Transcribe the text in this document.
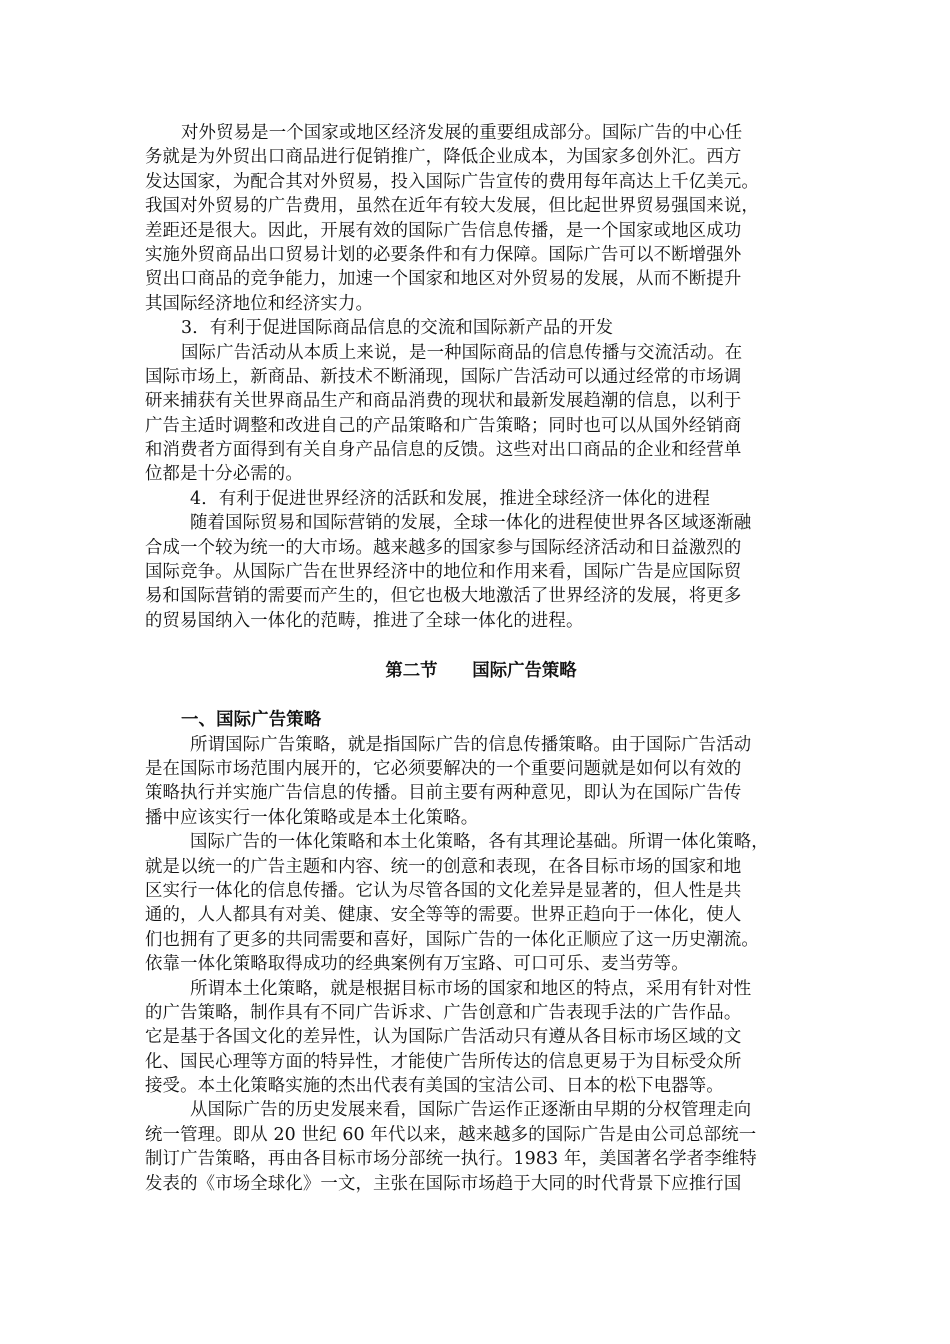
对外贸易是一个国家或地区经济发展的重要组成部分。国际广告的中心任
务就是为外贸出口商品进行促销推广，降低企业成本，为国家多创外汇。西方
发达国家，为配合其对外贸易，投入国际广告宣传的费用每年高达上千亿美元。
我国对外贸易的广告费用，虽然在近年有较大发展，但比起世界贸易强国来说，
差距还是很大。因此，开展有效的国际广告信息传播，是一个国家或地区成功
实施外贸商品出口贸易计划的必要条件和有力保障。国际广告可以不断增强外
贸出口商品的竞争能力，加速一个国家和地区对外贸易的发展，从而不断提升
其国际经济地位和经济实力。
3．有利于促进国际商品信息的交流和国际新产品的开发
国际广告活动从本质上来说，是一种国际商品的信息传播与交流活动。在
国际市场上，新商品、新技术不断涌现，国际广告活动可以通过经常的市场调
研来捕获有关世界商品生产和商品消费的现状和最新发展趋潮的信息，以利于
广告主适时调整和改进自己的产品策略和广告策略；同时也可以从国外经销商
和消费者方面得到有关自身产品信息的反馈。这些对出口商品的企业和经营单
位都是十分必需的。
4．有利于促进世界经济的活跃和发展，推进全球经济一体化的进程
随着国际贸易和国际营销的发展，全球一体化的进程使世界各区域逐渐融
合成一个较为统一的大市场。越来越多的国家参与国际经济活动和日益激烈的
国际竞争。从国际广告在世界经济中的地位和作用来看，国际广告是应国际贸
易和国际营销的需要而产生的，但它也极大地激活了世界经济的发展，将更多
的贸易国纳入一体化的范畴，推进了全球一体化的进程。
第二节　　国际广告策略
一、国际广告策略
所谓国际广告策略，就是指国际广告的信息传播策略。由于国际广告活动
是在国际市场范围内展开的，它必须要解决的一个重要问题就是如何以有效的
策略执行并实施广告信息的传播。目前主要有两种意见，即认为在国际广告传
播中应该实行一体化策略或是本土化策略。
国际广告的一体化策略和本土化策略，各有其理论基础。所谓一体化策略，
就是以统一的广告主题和内容、统一的创意和表现，在各目标市场的国家和地
区实行一体化的信息传播。它认为尽管各国的文化差异是显著的，但人性是共
通的，人人都具有对美、健康、安全等等的需要。世界正趋向于一体化，使人
们也拥有了更多的共同需要和喜好，国际广告的一体化正顺应了这一历史潮流。
依靠一体化策略取得成功的经典案例有万宝路、可口可乐、麦当劳等。
所谓本土化策略，就是根据目标市场的国家和地区的特点，采用有针对性
的广告策略，制作具有不同广告诉求、广告创意和广告表现手法的广告作品。
它是基于各国文化的差异性，认为国际广告活动只有遵从各目标市场区域的文
化、国民心理等方面的特异性，才能使广告所传达的信息更易于为目标受众所
接受。本土化策略实施的杰出代表有美国的宝洁公司、日本的松下电器等。
从国际广告的历史发展来看，国际广告运作正逐渐由早期的分权管理走向
统一管理。即从 20 世纪 60 年代以来，越来越多的国际广告是由公司总部统一
制订广告策略，再由各目标市场分部统一执行。1983 年，美国著名学者李维特
发表的《市场全球化》一文，主张在国际市场趋于大同的时代背景下应推行国
